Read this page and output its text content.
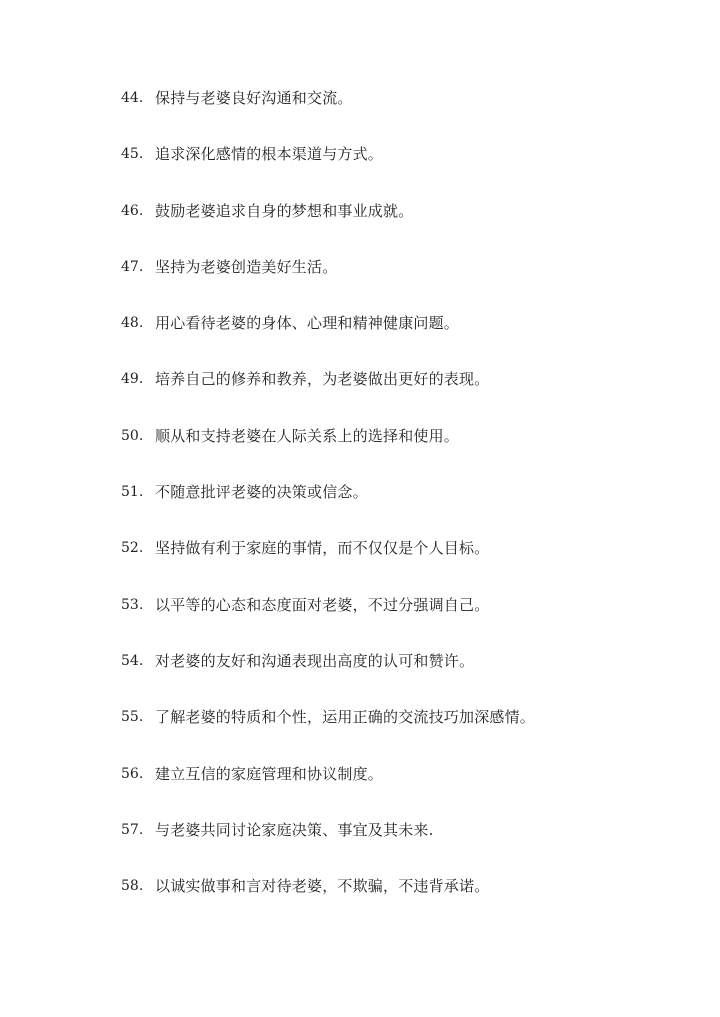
44. 保持与老婆良好沟通和交流。
45. 追求深化感情的根本渠道与方式。
46. 鼓励老婆追求自身的梦想和事业成就。
47. 坚持为老婆创造美好生活。
48. 用心看待老婆的身体、心理和精神健康问题。
49. 培养自己的修养和教养，为老婆做出更好的表现。
50. 顺从和支持老婆在人际关系上的选择和使用。
51. 不随意批评老婆的决策或信念。
52. 坚持做有利于家庭的事情，而不仅仅是个人目标。
53. 以平等的心态和态度面对老婆，不过分强调自己。
54. 对老婆的友好和沟通表现出高度的认可和赞许。
55. 了解老婆的特质和个性，运用正确的交流技巧加深感情。
56. 建立互信的家庭管理和协议制度。
57. 与老婆共同讨论家庭决策、事宜及其未来.
58. 以诚实做事和言对待老婆，不欺骗，不违背承诺。
